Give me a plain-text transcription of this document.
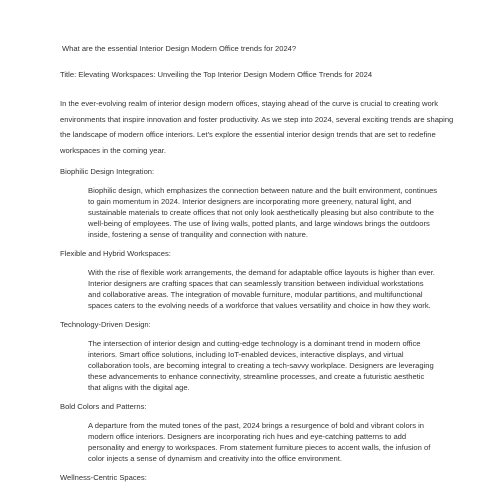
What are the essential Interior Design Modern Office trends for 2024?

Title: Elevating Workspaces: Unveiling the Top Interior Design Modern Office Trends for 2024

In the ever-evolving realm of interior design modern offices, staying ahead of the curve is crucial to creating work environments that inspire innovation and foster productivity. As we step into 2024, several exciting trends are shaping the landscape of modern office interiors. Let's explore the essential interior design trends that are set to redefine workspaces in the coming year.

Biophilic Design Integration:

Biophilic design, which emphasizes the connection between nature and the built environment, continues to gain momentum in 2024. Interior designers are incorporating more greenery, natural light, and sustainable materials to create offices that not only look aesthetically pleasing but also contribute to the well-being of employees. The use of living walls, potted plants, and large windows brings the outdoors inside, fostering a sense of tranquility and connection with nature.

Flexible and Hybrid Workspaces:

With the rise of flexible work arrangements, the demand for adaptable office layouts is higher than ever. Interior designers are crafting spaces that can seamlessly transition between individual workstations and collaborative areas. The integration of movable furniture, modular partitions, and multifunctional spaces caters to the evolving needs of a workforce that values versatility and choice in how they work.

Technology-Driven Design:

The intersection of interior design and cutting-edge technology is a dominant trend in modern office interiors. Smart office solutions, including IoT-enabled devices, interactive displays, and virtual collaboration tools, are becoming integral to creating a tech-savvy workplace. Designers are leveraging these advancements to enhance connectivity, streamline processes, and create a futuristic aesthetic that aligns with the digital age.

Bold Colors and Patterns:

A departure from the muted tones of the past, 2024 brings a resurgence of bold and vibrant colors in modern office interiors. Designers are incorporating rich hues and eye-catching patterns to add personality and energy to workspaces. From statement furniture pieces to accent walls, the infusion of color injects a sense of dynamism and creativity into the office environment.

Wellness-Centric Spaces:
